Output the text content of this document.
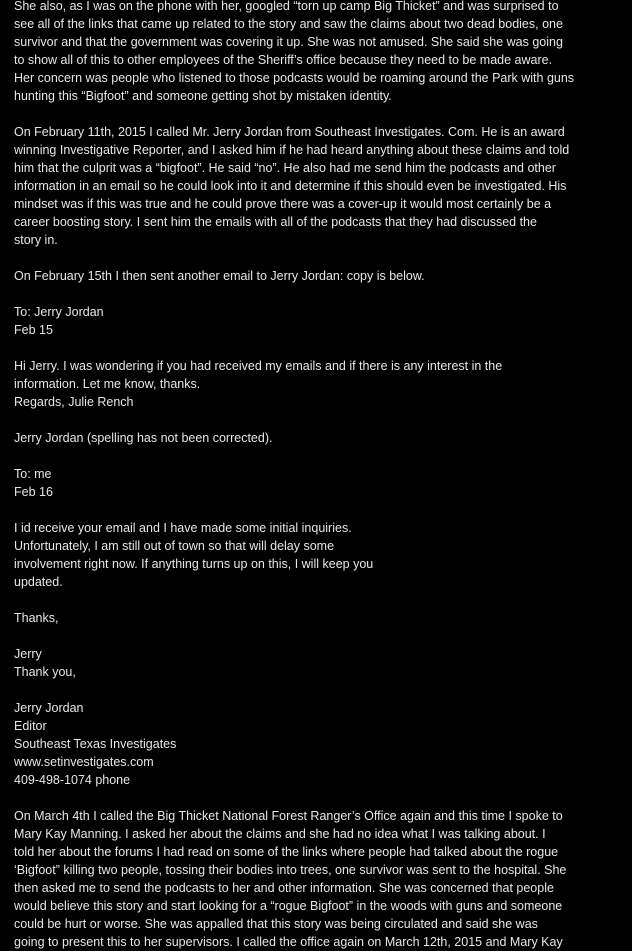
She also, as I was on the phone with her, googled “torn up camp Big Thicket” and was surprised to
see all of the links that came up related to the story and saw the claims about two dead bodies, one
survivor and that the government was covering it up. She was not amused. She said she was going
to show all of this to other employees of the Sheriff’s office because they need to be made aware.
Her concern was people who listened to those podcasts would be roaming around the Park with guns
hunting this “Bigfoot” and someone getting shot by mistaken identity.
On February 11th, 2015 I called Mr. Jerry Jordan from Southeast Investigates. Com. He is an award
winning Investigative Reporter, and I asked him if he had heard anything about these claims and told
him that the culprit was a “bigfoot”. He said “no”. He also had me send him the podcasts and other
information in an email so he could look into it and determine if this should even be investigated. His
mindset was if this was true and he could prove there was a cover-up it would most certainly be a
career boosting story. I sent him the emails with all of the podcasts that they had discussed the
story in.
On February 15th I then sent another email to Jerry Jordan: copy is below.
To: Jerry Jordan
Feb 15
Hi Jerry. I was wondering if you had received my emails and if there is any interest in the
information. Let me know, thanks.
Regards, Julie Rench
Jerry Jordan (spelling has not been corrected).
To: me
Feb 16
I id receive your email and I have made some initial inquiries.
Unfortunately, I am still out of town so that will delay some
involvement right now. If anything turns up on this, I will keep you
updated.
Thanks,
Jerry
Thank you,
Jerry Jordan
Editor
Southeast Texas Investigates
www.setinvestigates.com
409-498-1074 phone
On March 4th I called the Big Thicket National Forest Ranger’s Office again and this time I spoke to
Mary Kay Manning. I asked her about the claims and she had no idea what I was talking about. I
told her about the forums I had read on some of the links where people had talked about the rogue
‘Bigfoot” killing two people, tossing their bodies into trees, one survivor was sent to the hospital. She
then asked me to send the podcasts to her and other information. She was concerned that people
would believe this story and start looking for a “rogue Bigfoot” in the woods with guns and someone
could be hurt or worse. She was appalled that this story was being circulated and said she was
going to present this to her supervisors. I called the office again on March 12th, 2015 and Mary Kay
